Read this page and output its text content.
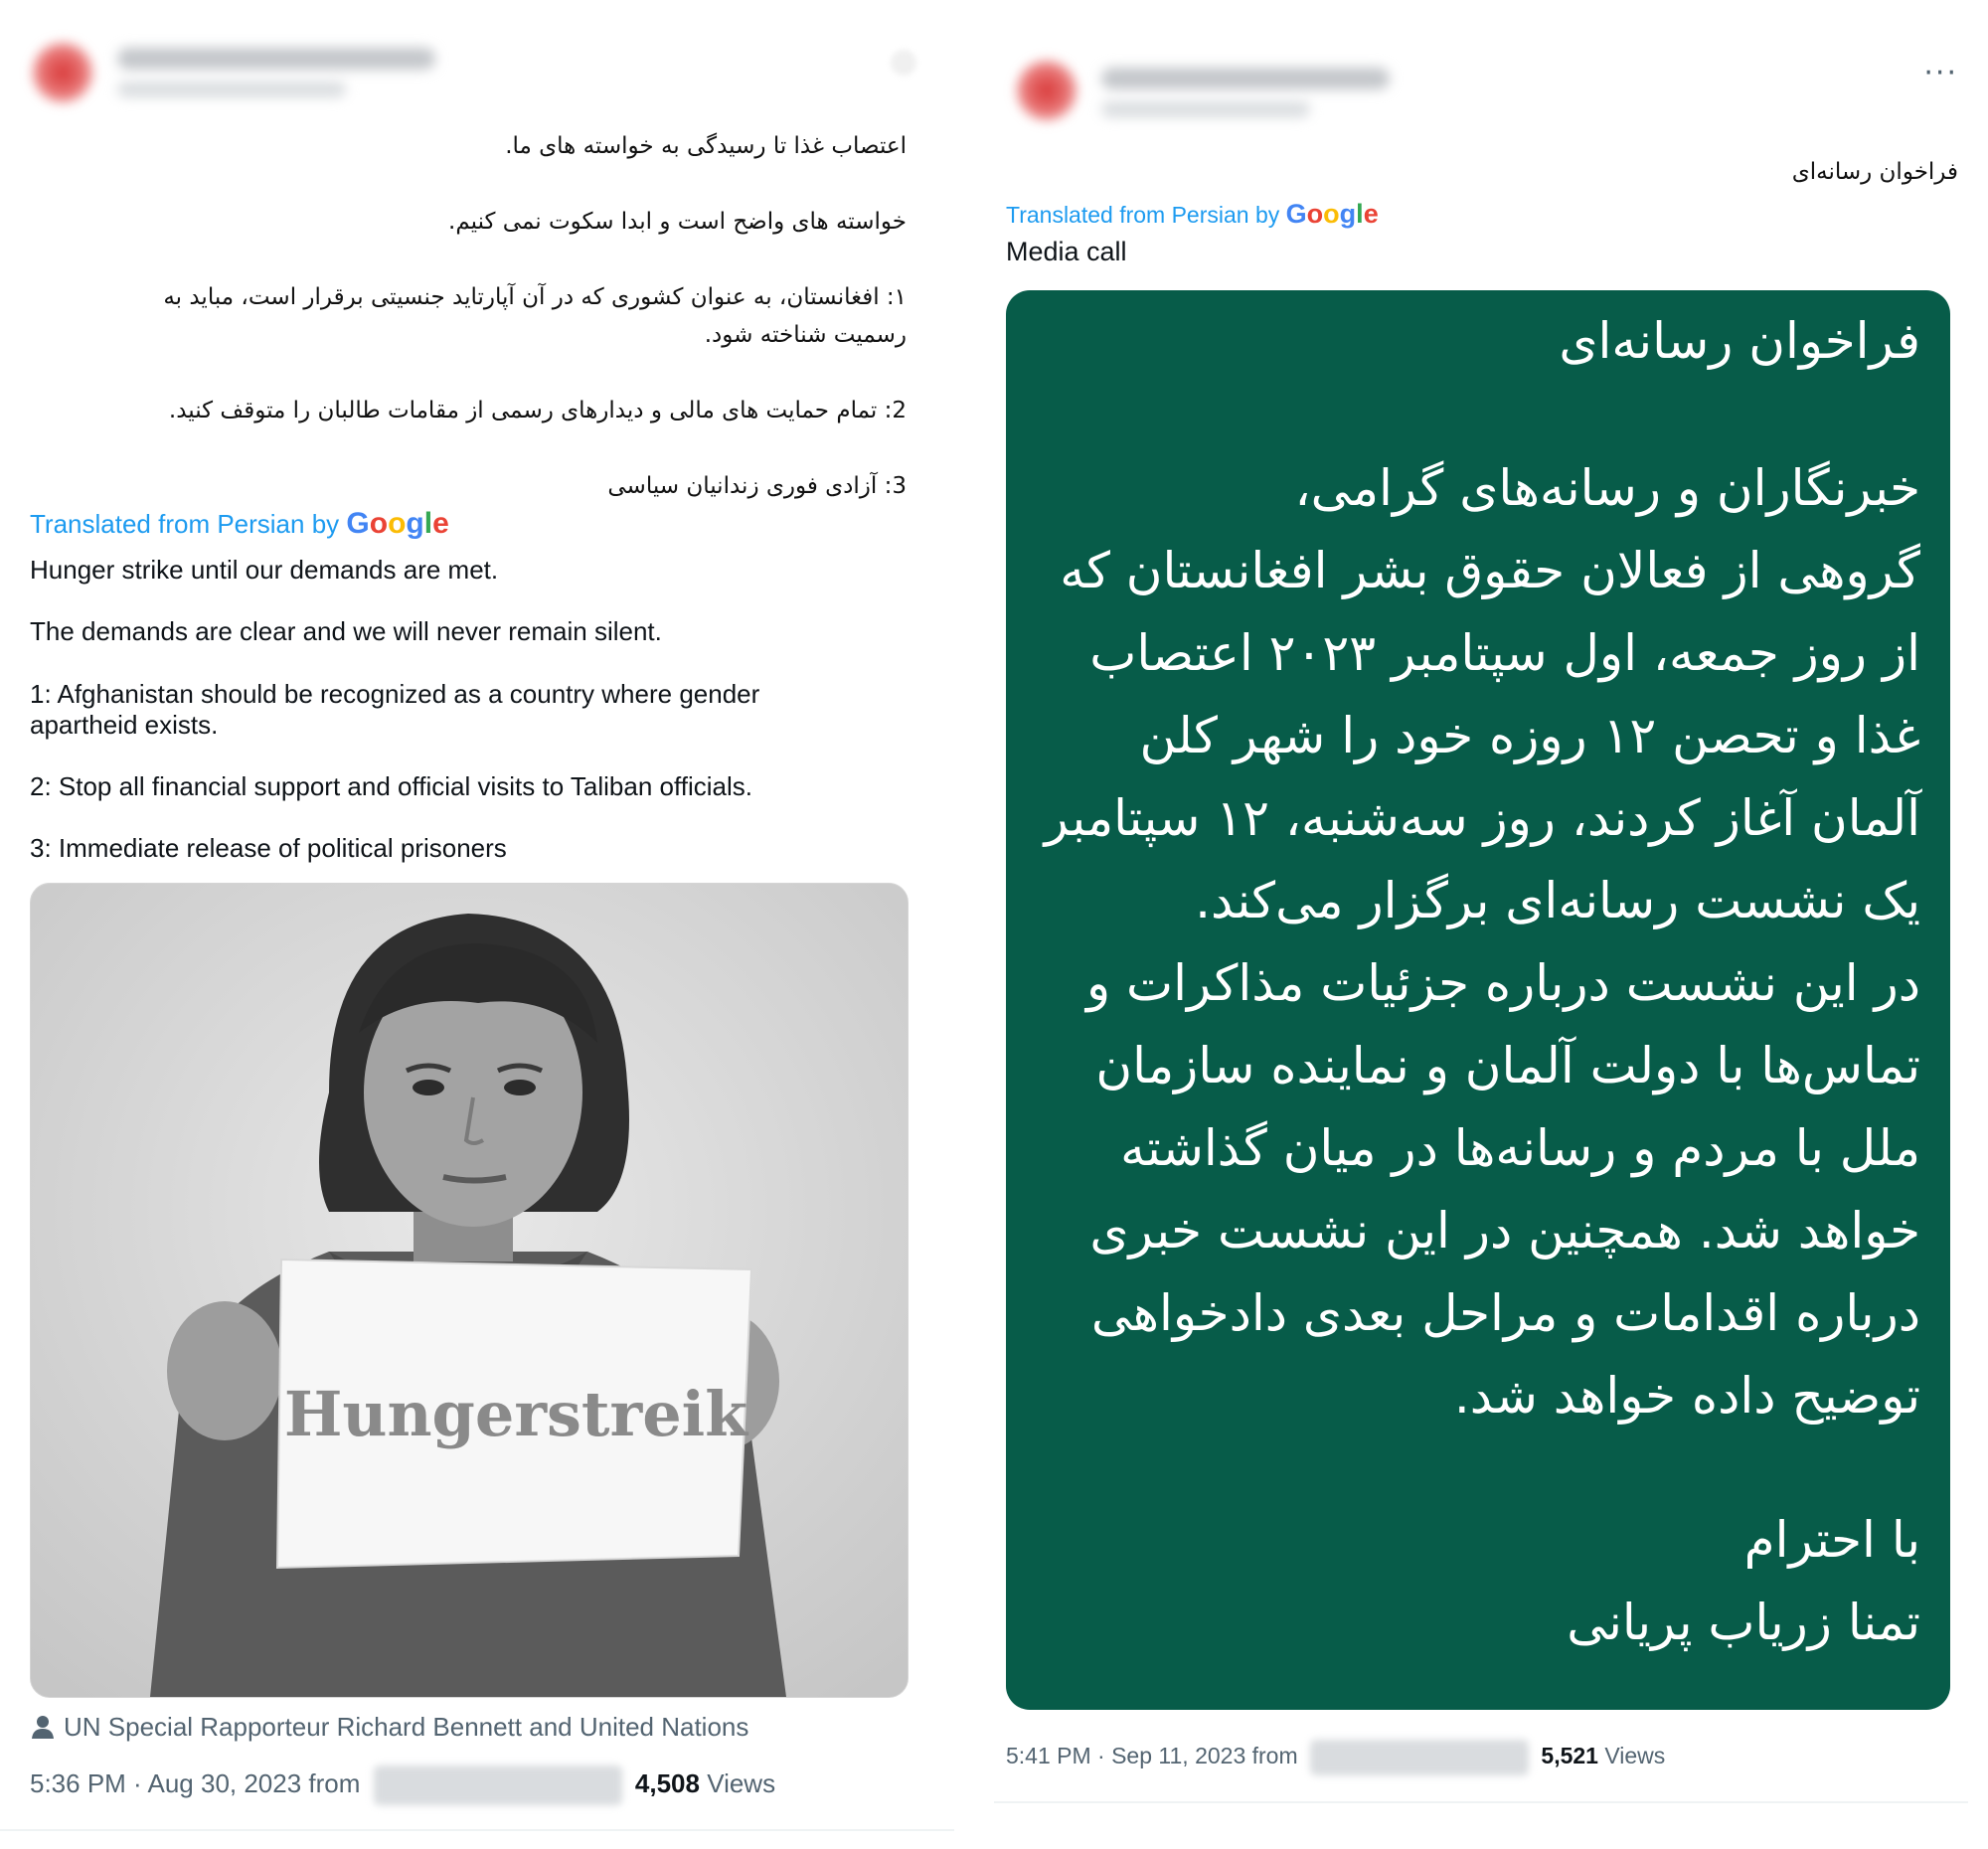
اعتصاب غذا تا رسیدگی به خواسته های ما.
خواسته های واضح است و ابدا سکوت نمی کنیم.
۱: افغانستان، به عنوان کشوری که در آن آپارتاید جنسیتی برقرار است، مباید به
رسمیت شناخته شود.
2: تمام حمایت های مالی و دیدارهای رسمی از مقامات طالبان را متوقف کنید.
3: آزادی فوری زندانیان سیاسی
Translated from Persian by Google
Hunger strike until our demands are met.
The demands are clear and we will never remain silent.
1: Afghanistan should be recognized as a country where gender
apartheid exists.
2: Stop all financial support and official visits to Taliban officials.
3: Immediate release of political prisoners
Hungerstreik
UN Special Rapporteur Richard Bennett and United Nations
5:36 PM · Aug 30, 2023 from	4,508 Views
···
فراخوان رسانه‌ای
Translated from Persian by Google
Media call
فراخوان رسانه‌ای
خبرنگاران و رسانه‌های گرامی،
گروهی از فعالان حقوق بشر افغانستان که
از روز جمعه، اول سپتامبر ۲۰۲۳ اعتصاب
غذا و تحصن ۱۲ روزه خود را شهر کلن
آلمان آغاز کردند، روز سه‌شنبه، ۱۲ سپتامبر
یک نشست رسانه‌ای برگزار می‌کند.
در این نشست درباره جزئیات مذاکرات و
تماس‌ها با دولت آلمان و نماینده سازمان
ملل با مردم و رسانه‌ها در میان گذاشته
خواهد شد. همچنین در این نشست خبری
درباره اقدامات و مراحل بعدی دادخواهی
توضیح داده خواهد شد.
با احترام
تمنا زریاب پریانی
5:41 PM · Sep 11, 2023 from	5,521 Views
